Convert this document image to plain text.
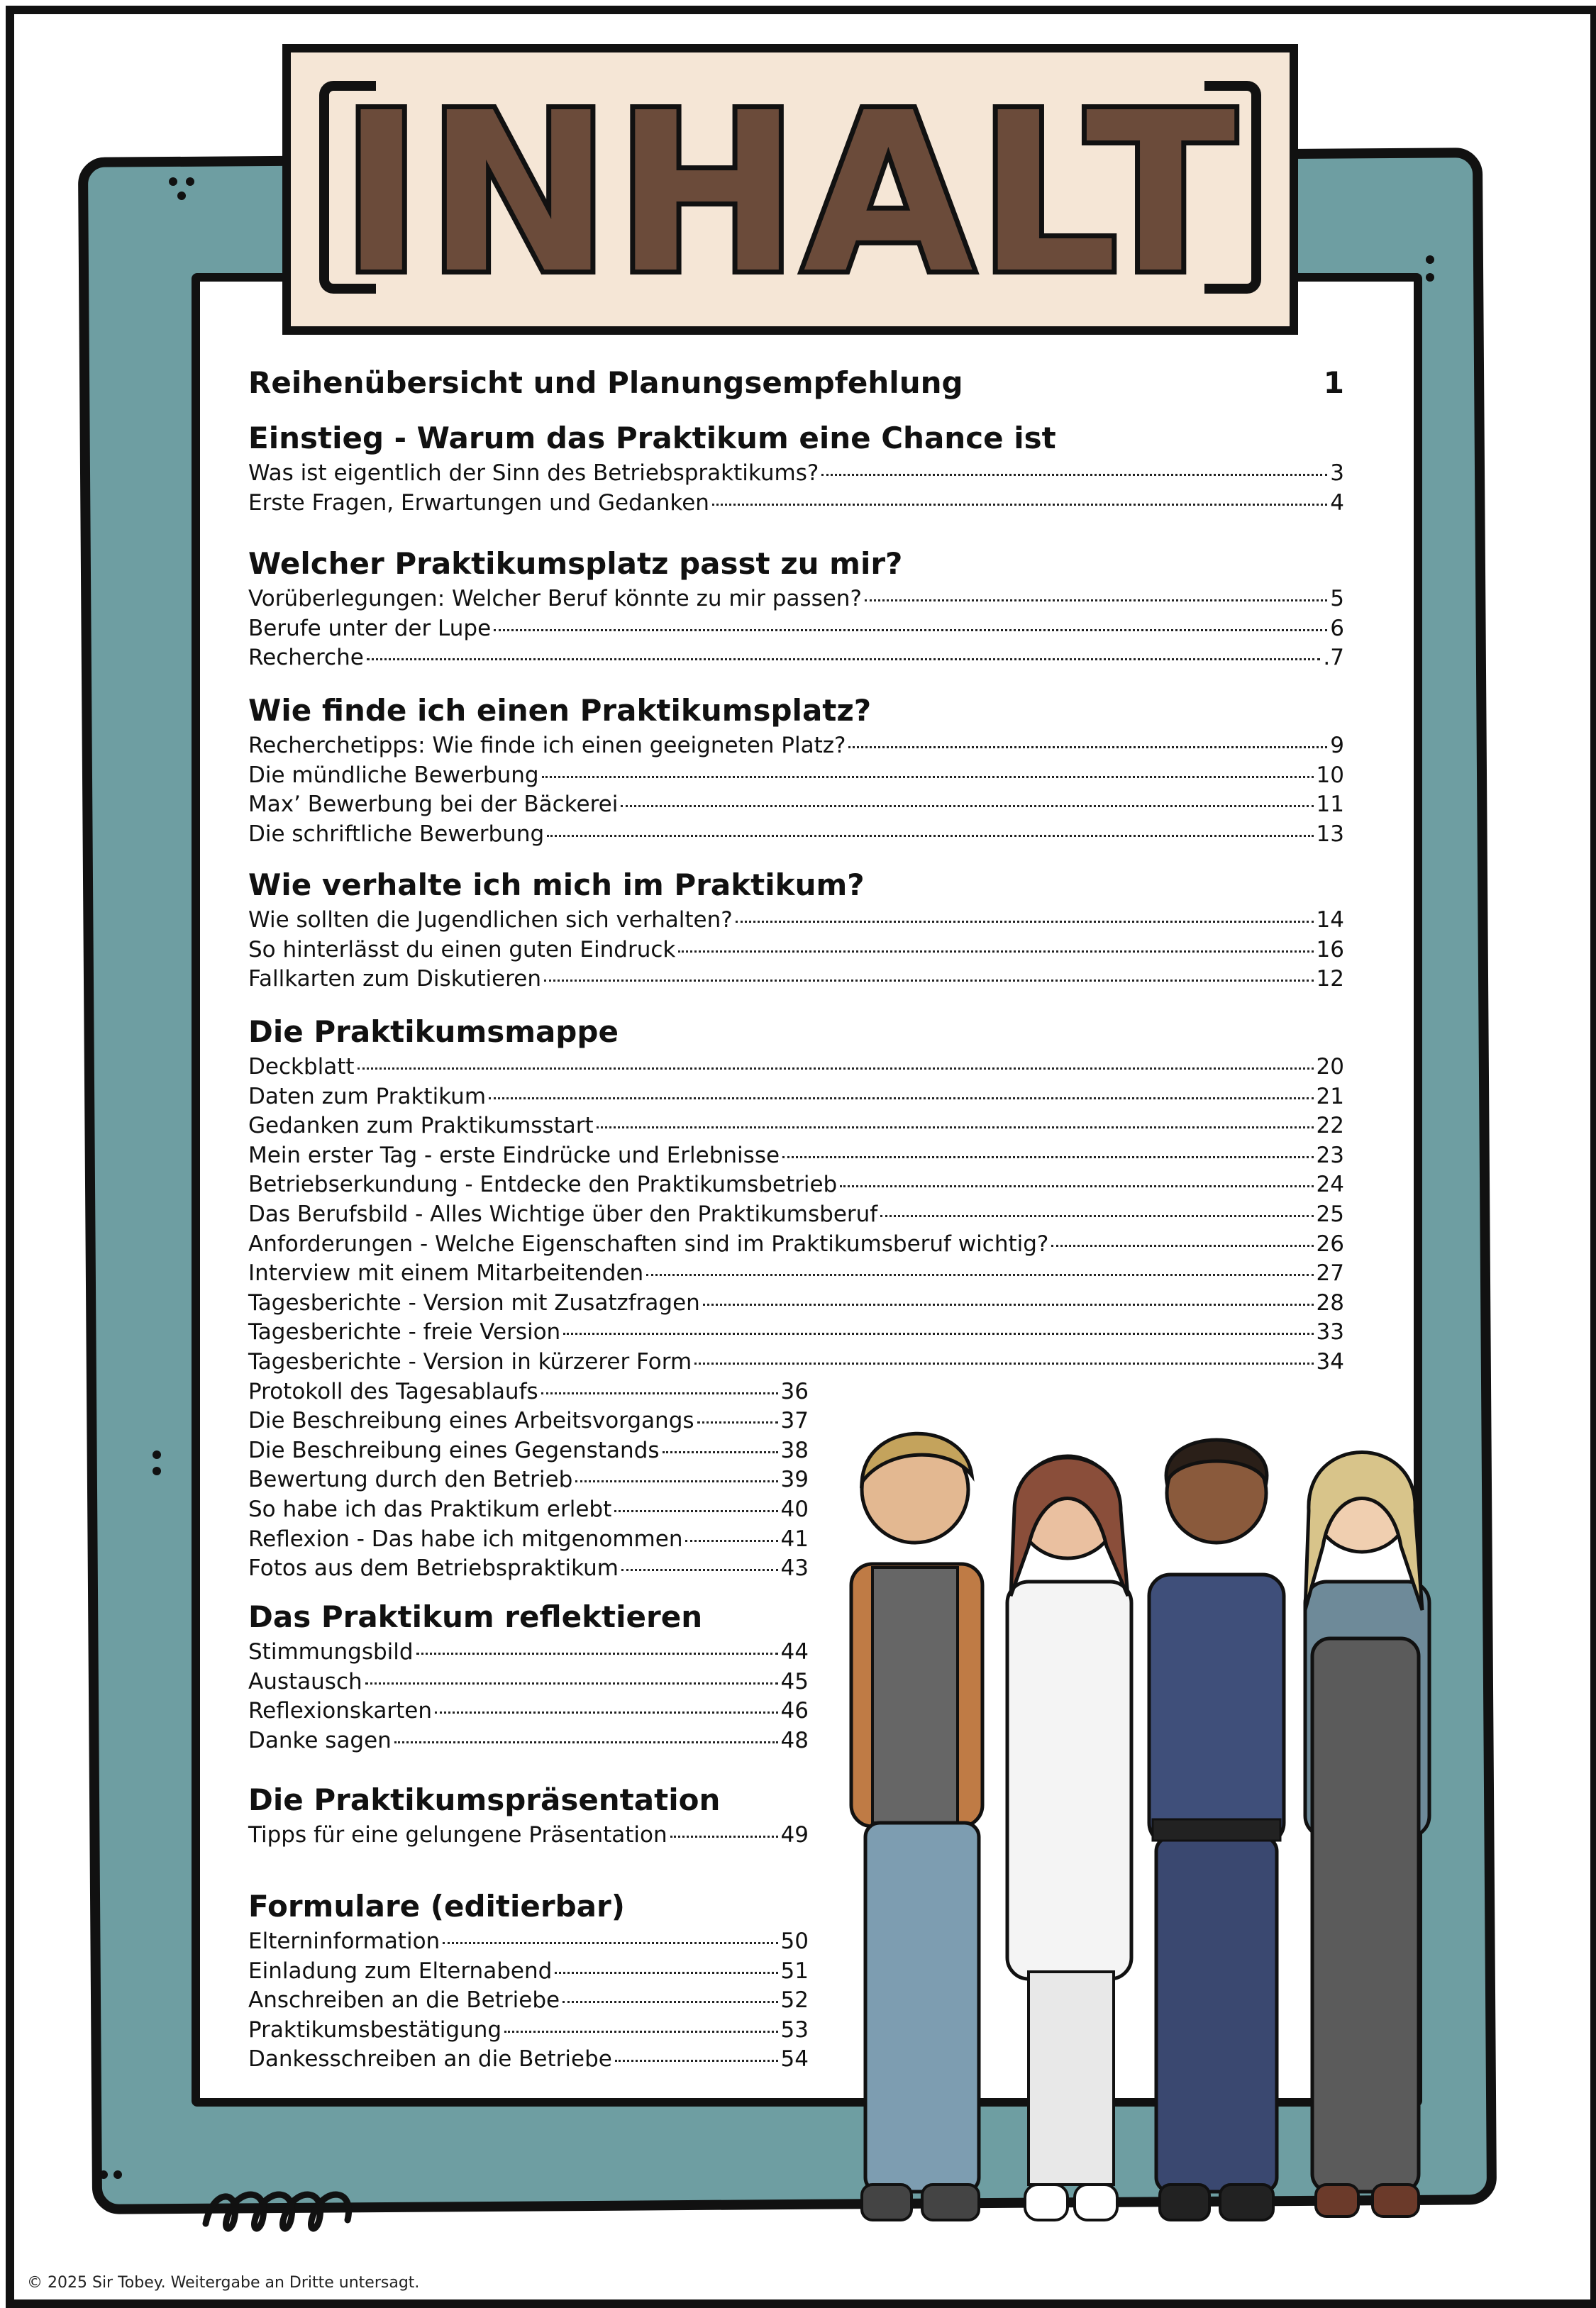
INHALT
Reihenübersicht und Planungsempfehlung	1
Einstieg - Warum das Praktikum eine Chance ist
Was ist eigentlich der Sinn des Betriebspraktikums?	3
Erste Fragen, Erwartungen und Gedanken	4
Welcher Praktikumsplatz passt zu mir?
Vorüberlegungen: Welcher Beruf könnte zu mir passen?	5
Berufe unter der Lupe	6
Recherche	.7
Wie finde ich einen Praktikumsplatz?
Recherchetipps: Wie finde ich einen geeigneten Platz?	9
Die mündliche Bewerbung	10
Max’ Bewerbung bei der Bäckerei	11
Die schriftliche Bewerbung	13
Wie verhalte ich mich im Praktikum?
Wie sollten die Jugendlichen sich verhalten?	14
So hinterlässt du einen guten Eindruck	16
Fallkarten zum Diskutieren	12
Die Praktikumsmappe
Deckblatt	20
Daten zum Praktikum	21
Gedanken zum Praktikumsstart	22
Mein erster Tag - erste Eindrücke und Erlebnisse	23
Betriebserkundung - Entdecke den Praktikumsbetrieb	24
Das Berufsbild - Alles Wichtige über den Praktikumsberuf	25
Anforderungen - Welche Eigenschaften sind im Praktikumsberuf wichtig?	26
Interview mit einem Mitarbeitenden	27
Tagesberichte - Version mit Zusatzfragen	28
Tagesberichte - freie Version	33
Tagesberichte - Version in kürzerer Form	34
Protokoll des Tagesablaufs	36
Die Beschreibung eines Arbeitsvorgangs	37
Die Beschreibung eines Gegenstands	38
Bewertung durch den Betrieb	39
So habe ich das Praktikum erlebt	40
Reflexion - Das habe ich mitgenommen	41
Fotos aus dem Betriebspraktikum	43
Das Praktikum reflektieren
Stimmungsbild	44
Austausch	45
Reflexionskarten	46
Danke sagen	48
Die Praktikumspräsentation
Tipps für eine gelungene Präsentation	49
Formulare (editierbar)
Elterninformation	50
Einladung zum Elternabend	51
Anschreiben an die Betriebe	52
Praktikumsbestätigung	53
Dankesschreiben an die Betriebe	54
© 2025 Sir Tobey. Weitergabe an Dritte untersagt.
